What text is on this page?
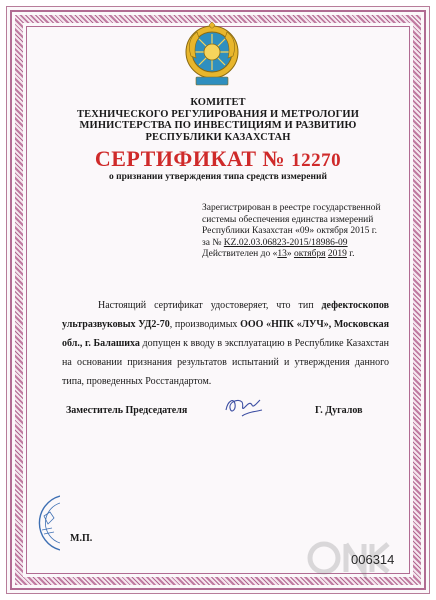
КОМИТЕТ
ТЕХНИЧЕСКОГО РЕГУЛИРОВАНИЯ И МЕТРОЛОГИИ
МИНИСТЕРСТВА ПО ИНВЕСТИЦИЯМ И РАЗВИТИЮ
РЕСПУБЛИКИ КАЗАХСТАН
СЕРТИФИКАТ № 12270
о признании утверждения типа средств измерений
Зарегистрирован в реестре государственной
системы обеспечения единства измерений
Республики Казахстан «09» октября 2015 г.
за № KZ.02.03.06823-2015/18986-09
Действителен до «13» октября 2019 г.

Настоящий сертификат удостоверяет, что тип дефектоскопов ультразвуковых УД2-70, производимых ООО «НПК «ЛУЧ», Московская обл., г. Балашиха допущен к вводу в эксплуатацию в Республике Казахстан на основании признания результатов испытаний и утверждения данного типа, проведенных Росстандартом.

Заместитель Председателя	Г. Дугалов
М.П.
006314
